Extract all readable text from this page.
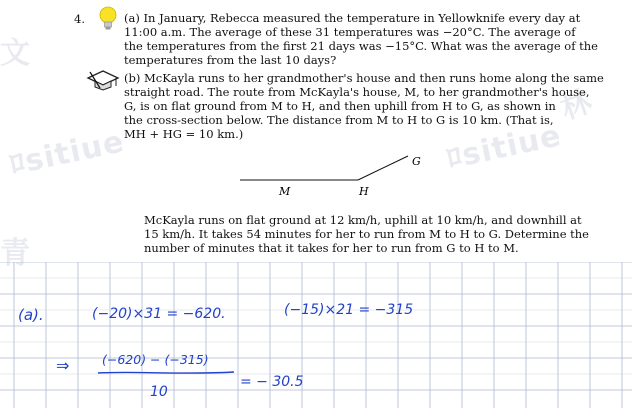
文
ﾛsitiue	ﾛsitiue
林
青
4.	(a) In January, Rebecca measured the temperature in Yellowknife every day at
11:00 a.m. The average of these 31 temperatures was −20°C. The average of
the temperatures from the first 21 days was −15°C. What was the average of the
temperatures from the last 10 days?
(b) McKayla runs to her grandmother's house and then runs home along the same
straight road. The route from McKayla's house, M, to her grandmother's house,
G, is on flat ground from M to H, and then uphill from H to G, as shown in
the cross-section below. The distance from M to H to G is 10 km. (That is,
MH + HG = 10 km.)
M	H
G
McKayla runs on flat ground at 12 km/h, uphill at 10 km/h, and downhill at
15 km/h. It takes 54 minutes for her to run from M to H to G. Determine the
number of minutes that it takes for her to run from G to H to M.
(a).	(−20)×31 = −620.	(−15)×21 = −315
⇒	(−620) − (−315)
10
= − 30.5
